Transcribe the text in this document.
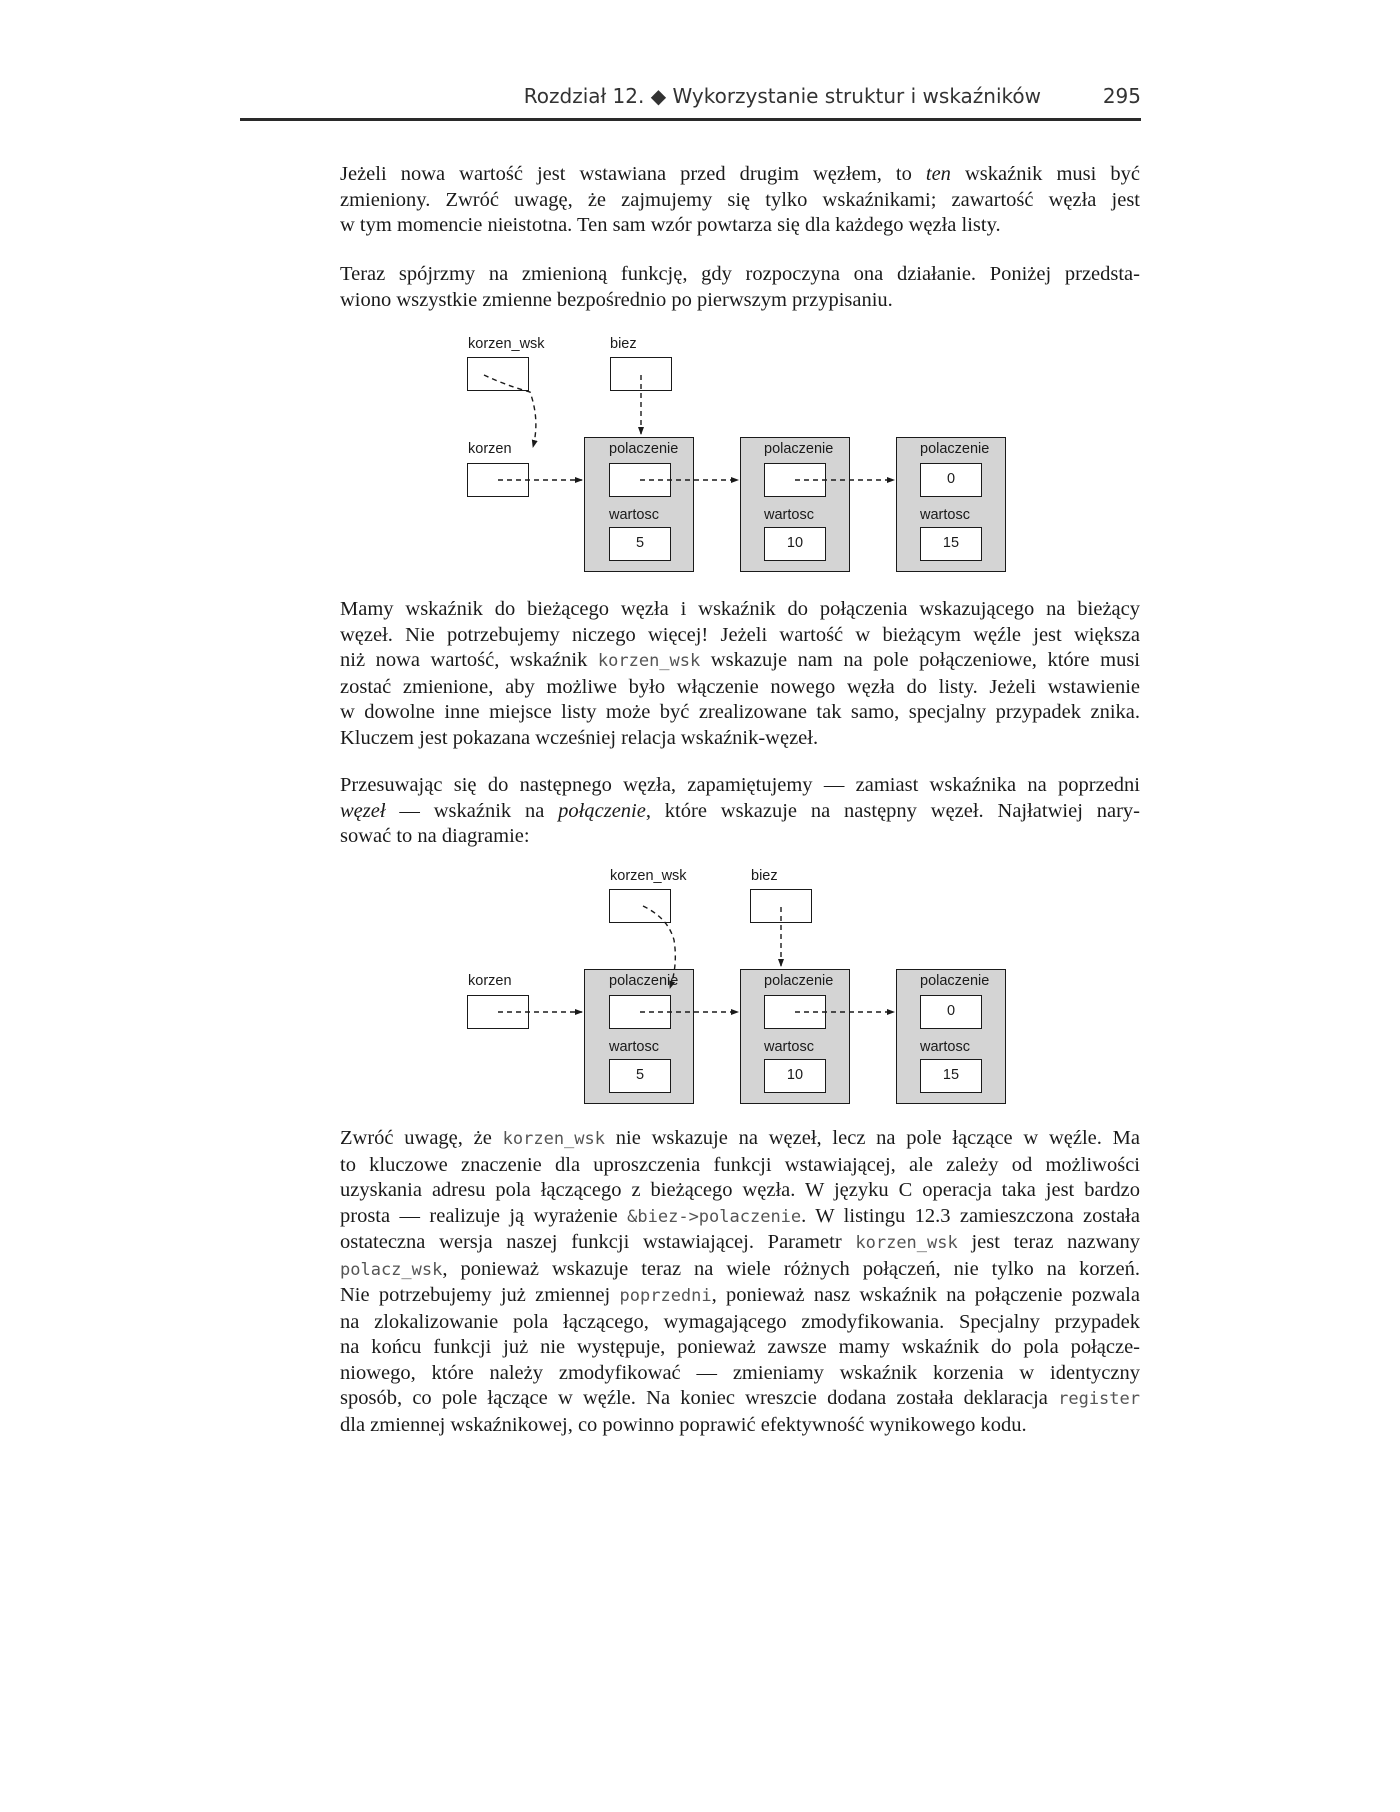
Rozdział 12. ◆ Wykorzystanie struktur i wskaźników	295
Jeżeli nowa wartość jest wstawiana przed drugim węzłem, to ten wskaźnik musi być
zmieniony. Zwróć uwagę, że zajmujemy się tylko wskaźnikami; zawartość węzła jest
w tym momencie nieistotna. Ten sam wzór powtarza się dla każdego węzła listy.
Teraz spójrzmy na zmienioną funkcję, gdy rozpoczyna ona działanie. Poniżej przedsta-
wiono wszystkie zmienne bezpośrednio po pierwszym przypisaniu.
korzen_wsk	biez
korzen	polaczenie
wartosc
5
polaczenie
wartosc
10
polaczenie
0
wartosc
15
Mamy wskaźnik do bieżącego węzła i wskaźnik do połączenia wskazującego na bieżący
węzeł. Nie potrzebujemy niczego więcej! Jeżeli wartość w bieżącym węźle jest większa
niż nowa wartość, wskaźnik korzen_wsk wskazuje nam na pole połączeniowe, które musi
zostać zmienione, aby możliwe było włączenie nowego węzła do listy. Jeżeli wstawienie
w dowolne inne miejsce listy może być zrealizowane tak samo, specjalny przypadek znika.
Kluczem jest pokazana wcześniej relacja wskaźnik-węzeł.
Przesuwając się do następnego węzła, zapamiętujemy — zamiast wskaźnika na poprzedni
węzeł — wskaźnik na połączenie, które wskazuje na następny węzeł. Najłatwiej nary-
sować to na diagramie:
korzen_wsk	biez
korzen	polaczenie
wartosc
5
polaczenie
wartosc
10
polaczenie
0
wartosc
15
Zwróć uwagę, że korzen_wsk nie wskazuje na węzeł, lecz na pole łączące w węźle. Ma
to kluczowe znaczenie dla uproszczenia funkcji wstawiającej, ale zależy od możliwości
uzyskania adresu pola łączącego z bieżącego węzła. W języku C operacja taka jest bardzo
prosta — realizuje ją wyrażenie &biez->polaczenie. W listingu 12.3 zamieszczona została
ostateczna wersja naszej funkcji wstawiającej. Parametr korzen_wsk jest teraz nazwany
polacz_wsk, ponieważ wskazuje teraz na wiele różnych połączeń, nie tylko na korzeń.
Nie potrzebujemy już zmiennej poprzedni, ponieważ nasz wskaźnik na połączenie pozwala
na zlokalizowanie pola łączącego, wymagającego zmodyfikowania. Specjalny przypadek
na końcu funkcji już nie występuje, ponieważ zawsze mamy wskaźnik do pola połącze-
niowego, które należy zmodyfikować — zmieniamy wskaźnik korzenia w identyczny
sposób, co pole łączące w węźle. Na koniec wreszcie dodana została deklaracja register
dla zmiennej wskaźnikowej, co powinno poprawić efektywność wynikowego kodu.
